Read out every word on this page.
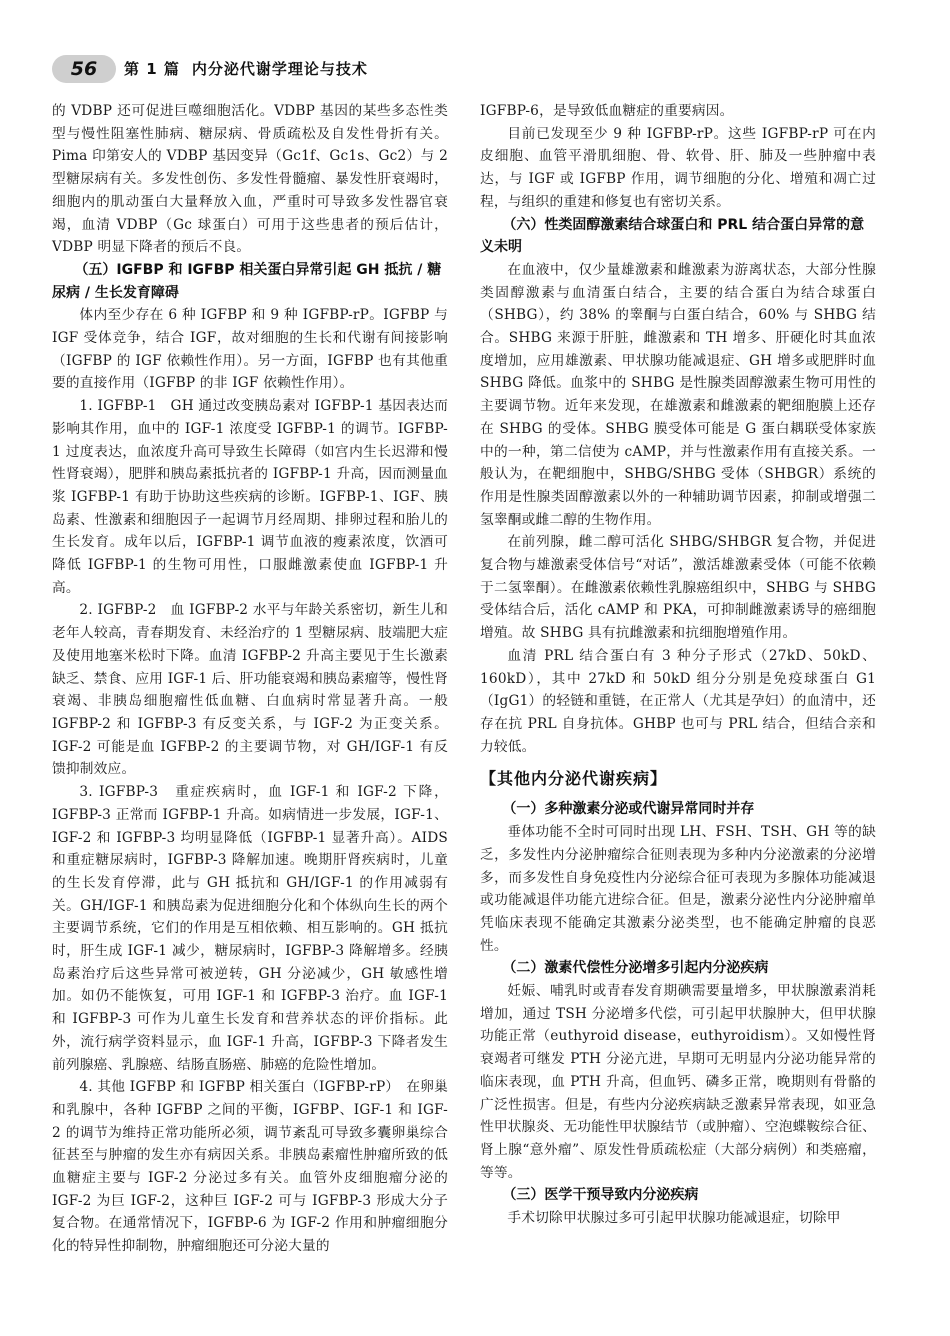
56	第 1 篇 内分泌代谢学理论与技术

的 VDBP 还可促进巨噬细胞活化。VDBP 基因的某些多态性类型与慢性阻塞性肺病、糖尿病、骨质疏松及自发性骨折有关。Pima 印第安人的 VDBP 基因变异（Gc1f、Gc1s、Gc2）与 2 型糖尿病有关。多发性创伤、多发性骨髓瘤、暴发性肝衰竭时，细胞内的肌动蛋白大量释放入血，严重时可导致多发性器官衰竭，血清 VDBP（Gc 球蛋白）可用于这些患者的预后估计，VDBP 明显下降者的预后不良。

（五）IGFBP 和 IGFBP 相关蛋白异常引起 GH 抵抗 / 糖尿病 / 生长发育障碍

体内至少存在 6 种 IGFBP 和 9 种 IGFBP-rP。IGFBP 与 IGF 受体竞争，结合 IGF，故对细胞的生长和代谢有间接影响（IGFBP 的 IGF 依赖性作用）。另一方面，IGFBP 也有其他重要的直接作用（IGFBP 的非 IGF 依赖性作用）。

1. IGFBP-1　GH 通过改变胰岛素对 IGFBP-1 基因表达而影响其作用，血中的 IGF-1 浓度受 IGFBP-1 的调节。IGFBP-1 过度表达，血浓度升高可导致生长障碍（如宫内生长迟滞和慢性肾衰竭），肥胖和胰岛素抵抗者的 IGFBP-1 升高，因而测量血浆 IGFBP-1 有助于协助这些疾病的诊断。IGFBP-1、IGF、胰岛素、性激素和细胞因子一起调节月经周期、排卵过程和胎儿的生长发育。成年以后，IGFBP-1 调节血液的瘦素浓度，饮酒可降低 IGFBP-1 的生物可用性，口服雌激素使血 IGFBP-1 升高。

2. IGFBP-2　血 IGFBP-2 水平与年龄关系密切，新生儿和老年人较高，青春期发育、未经治疗的 1 型糖尿病、肢端肥大症及使用地塞米松时下降。血清 IGFBP-2 升高主要见于生长激素缺乏、禁食、应用 IGF-1 后、肝功能衰竭和胰岛素瘤等，慢性肾衰竭、非胰岛细胞瘤性低血糖、白血病时常显著升高。一般 IGFBP-2 和 IGFBP-3 有反变关系，与 IGF-2 为正变关系。IGF-2 可能是血 IGFBP-2 的主要调节物，对 GH/IGF-1 有反馈抑制效应。

3. IGFBP-3　重症疾病时，血 IGF-1 和 IGF-2 下降，IGFBP-3 正常而 IGFBP-1 升高。如病情进一步发展，IGF-1、IGF-2 和 IGFBP-3 均明显降低（IGFBP-1 显著升高）。AIDS 和重症糖尿病时，IGFBP-3 降解加速。晚期肝肾疾病时，儿童的生长发育停滞，此与 GH 抵抗和 GH/IGF-1 的作用减弱有关。GH/IGF-1 和胰岛素为促进细胞分化和个体纵向生长的两个主要调节系统，它们的作用是互相依赖、相互影响的。GH 抵抗时，肝生成 IGF-1 减少，糖尿病时，IGFBP-3 降解增多。经胰岛素治疗后这些异常可被逆转，GH 分泌减少，GH 敏感性增加。如仍不能恢复，可用 IGF-1 和 IGFBP-3 治疗。血 IGF-1 和 IGFBP-3 可作为儿童生长发育和营养状态的评价指标。此外，流行病学资料显示，血 IGF-1 升高，IGFBP-3 下降者发生前列腺癌、乳腺癌、结肠直肠癌、肺癌的危险性增加。

4. 其他 IGFBP 和 IGFBP 相关蛋白（IGFBP-rP）　在卵巢和乳腺中，各种 IGFBP 之间的平衡，IGFBP、IGF-1 和 IGF-2 的调节为维持正常功能所必须，调节紊乱可导致多囊卵巢综合征甚至与肿瘤的发生亦有病因关系。非胰岛素瘤性肿瘤所致的低血糖症主要与 IGF-2 分泌过多有关。血管外皮细胞瘤分泌的 IGF-2 为巨 IGF-2，这种巨 IGF-2 可与 IGFBP-3 形成大分子复合物。在通常情况下，IGFBP-6 为 IGF-2 作用和肿瘤细胞分化的特异性抑制物，肿瘤细胞还可分泌大量的

IGFBP-6，是导致低血糖症的重要病因。

目前已发现至少 9 种 IGFBP-rP。这些 IGFBP-rP 可在内皮细胞、血管平滑肌细胞、骨、软骨、肝、肺及一些肿瘤中表达，与 IGF 或 IGFBP 作用，调节细胞的分化、增殖和凋亡过程，与组织的重建和修复也有密切关系。

（六）性类固醇激素结合球蛋白和 PRL 结合蛋白异常的意义未明

在血液中，仅少量雄激素和雌激素为游离状态，大部分性腺类固醇激素与血清蛋白结合，主要的结合蛋白为结合球蛋白（SHBG），约 38% 的睾酮与白蛋白结合，60% 与 SHBG 结合。SHBG 来源于肝脏，雌激素和 TH 增多、肝硬化时其血浓度增加，应用雄激素、甲状腺功能减退症、GH 增多或肥胖时血 SHBG 降低。血浆中的 SHBG 是性腺类固醇激素生物可用性的主要调节物。近年来发现，在雄激素和雌激素的靶细胞膜上还存在 SHBG 的受体。SHBG 膜受体可能是 G 蛋白耦联受体家族中的一种，第二信使为 cAMP，并与性激素作用有直接关系。一般认为，在靶细胞中，SHBG/SHBG 受体（SHBGR）系统的作用是性腺类固醇激素以外的一种辅助调节因素，抑制或增强二氢睾酮或雌二醇的生物作用。

在前列腺，雌二醇可活化 SHBG/SHBGR 复合物，并促进复合物与雄激素受体信号“对话”，激活雄激素受体（可能不依赖于二氢睾酮）。在雌激素依赖性乳腺癌组织中，SHBG 与 SHBG 受体结合后，活化 cAMP 和 PKA，可抑制雌激素诱导的癌细胞增殖。故 SHBG 具有抗雌激素和抗细胞增殖作用。

血清 PRL 结合蛋白有 3 种分子形式（27kD、50kD、160kD），其中 27kD 和 50kD 组分分别是免疫球蛋白 G1（IgG1）的轻链和重链，在正常人（尤其是孕妇）的血清中，还存在抗 PRL 自身抗体。GHBP 也可与 PRL 结合，但结合亲和力较低。

【其他内分泌代谢疾病】
（一）多种激素分泌或代谢异常同时并存

垂体功能不全时可同时出现 LH、FSH、TSH、GH 等的缺乏，多发性内分泌肿瘤综合征则表现为多种内分泌激素的分泌增多，而多发性自身免疫性内分泌综合征可表现为多腺体功能减退或功能减退伴功能亢进综合征。但是，激素分泌性内分泌肿瘤单凭临床表现不能确定其激素分泌类型，也不能确定肿瘤的良恶性。

（二）激素代偿性分泌增多引起内分泌疾病

妊娠、哺乳时或青春发育期碘需要量增多，甲状腺激素消耗增加，通过 TSH 分泌增多代偿，可引起甲状腺肿大，但甲状腺功能正常（euthyroid disease，euthyroidism）。又如慢性肾衰竭者可继发 PTH 分泌亢进，早期可无明显内分泌功能异常的临床表现，血 PTH 升高，但血钙、磷多正常，晚期则有骨骼的广泛性损害。但是，有些内分泌疾病缺乏激素异常表现，如亚急性甲状腺炎、无功能性甲状腺结节（或肿瘤）、空泡蝶鞍综合征、肾上腺“意外瘤”、原发性骨质疏松症（大部分病例）和类癌瘤，等等。

（三）医学干预导致内分泌疾病

手术切除甲状腺过多可引起甲状腺功能减退症，切除甲
